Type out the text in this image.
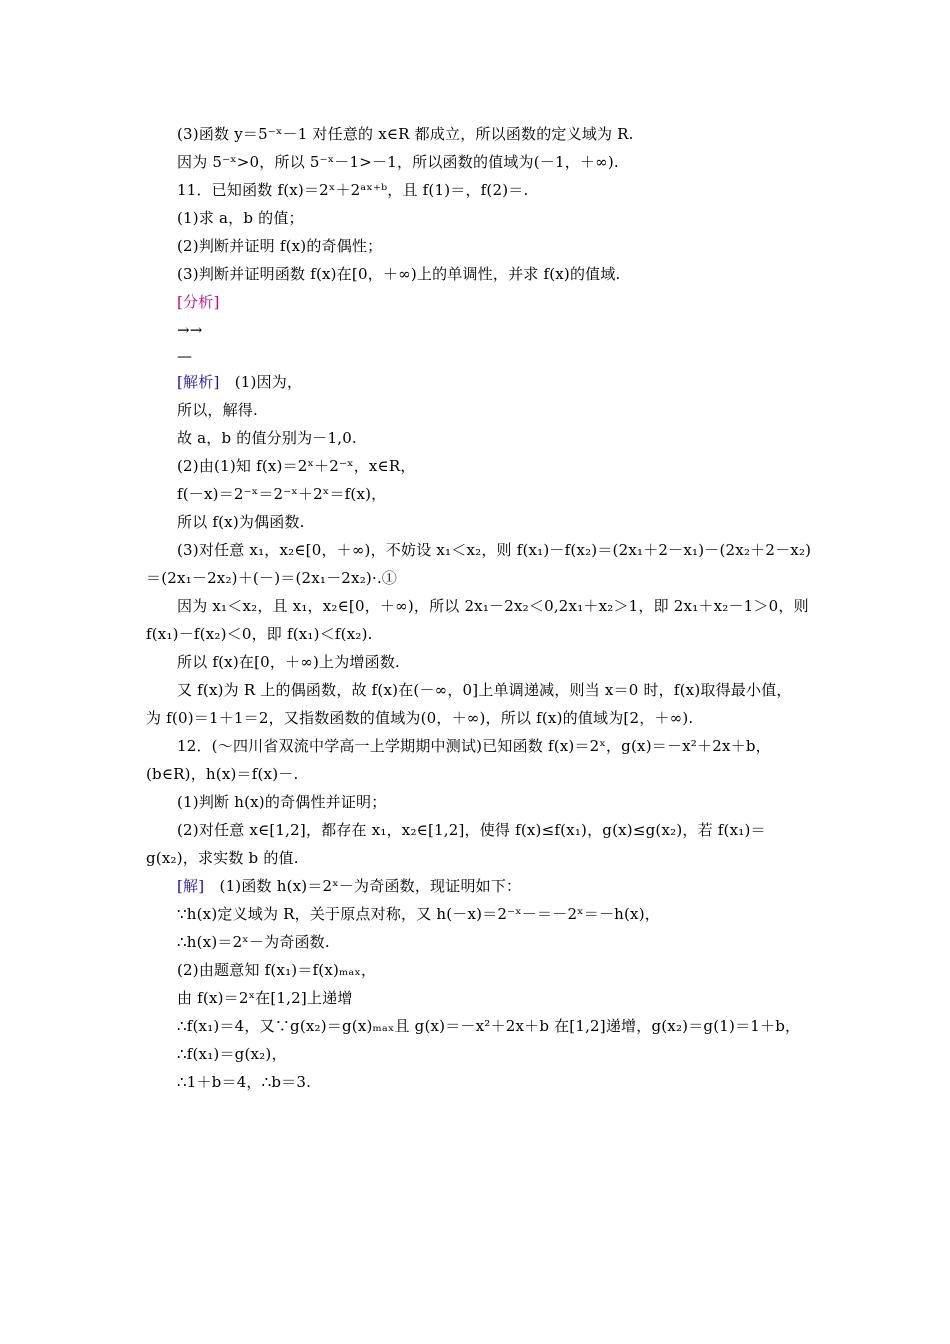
(3)函数 y＝5⁻ˣ－1 对任意的 x∈R 都成立，所以函数的定义域为 R.
因为 5⁻ˣ>0，所以 5⁻ˣ－1>－1，所以函数的值域为(－1，＋∞).
11．已知函数 f(x)＝2ˣ＋2ᵃˣ⁺ᵇ，且 f(1)＝，f(2)＝.
(1)求 a，b 的值；
(2)判断并证明 f(x)的奇偶性；
(3)判断并证明函数 f(x)在[0，＋∞)上的单调性，并求 f(x)的值域.
[分析]
→→
—
[解析]　(1)因为，
所以，解得.
故 a，b 的值分别为－1,0.
(2)由(1)知 f(x)＝2ˣ＋2⁻ˣ，x∈R，
f(－x)＝2⁻ˣ＝2⁻ˣ＋2ˣ＝f(x)，
所以 f(x)为偶函数.
(3)对任意 x₁，x₂∈[0，＋∞)，不妨设 x₁＜x₂，则 f(x₁)－f(x₂)＝(2x₁＋2－x₁)－(2x₂＋2－x₂)
＝(2x₁－2x₂)＋(－)＝(2x₁－2x₂)·.①
因为 x₁＜x₂，且 x₁，x₂∈[0，＋∞)，所以 2x₁－2x₂＜0,2x₁＋x₂＞1，即 2x₁＋x₂－1＞0，则
f(x₁)－f(x₂)＜0，即 f(x₁)＜f(x₂).
所以 f(x)在[0，＋∞)上为增函数.
又 f(x)为 R 上的偶函数，故 f(x)在(－∞，0]上单调递减，则当 x＝0 时，f(x)取得最小值，
为 f(0)＝1＋1＝2，又指数函数的值域为(0，＋∞)，所以 f(x)的值域为[2，＋∞).
12．(～四川省双流中学高一上学期期中测试)已知函数 f(x)＝2ˣ，g(x)＝－x²＋2x＋b，
(b∈R)，h(x)＝f(x)－.
(1)判断 h(x)的奇偶性并证明；
(2)对任意 x∈[1,2]，都存在 x₁，x₂∈[1,2]，使得 f(x)≤f(x₁)，g(x)≤g(x₂)，若 f(x₁)＝
g(x₂)，求实数 b 的值.
[解]　(1)函数 h(x)＝2ˣ－为奇函数，现证明如下：
∵h(x)定义域为 R，关于原点对称，又 h(－x)＝2⁻ˣ－＝－2ˣ＝－h(x)，
∴h(x)＝2ˣ－为奇函数.
(2)由题意知 f(x₁)＝f(x)ₘₐₓ，
由 f(x)＝2ˣ在[1,2]上递增
∴f(x₁)＝4，又∵g(x₂)＝g(x)ₘₐₓ且 g(x)＝－x²＋2x＋b 在[1,2]递增，g(x₂)＝g(1)＝1＋b，
∴f(x₁)＝g(x₂)，
∴1＋b＝4，∴b＝3.
